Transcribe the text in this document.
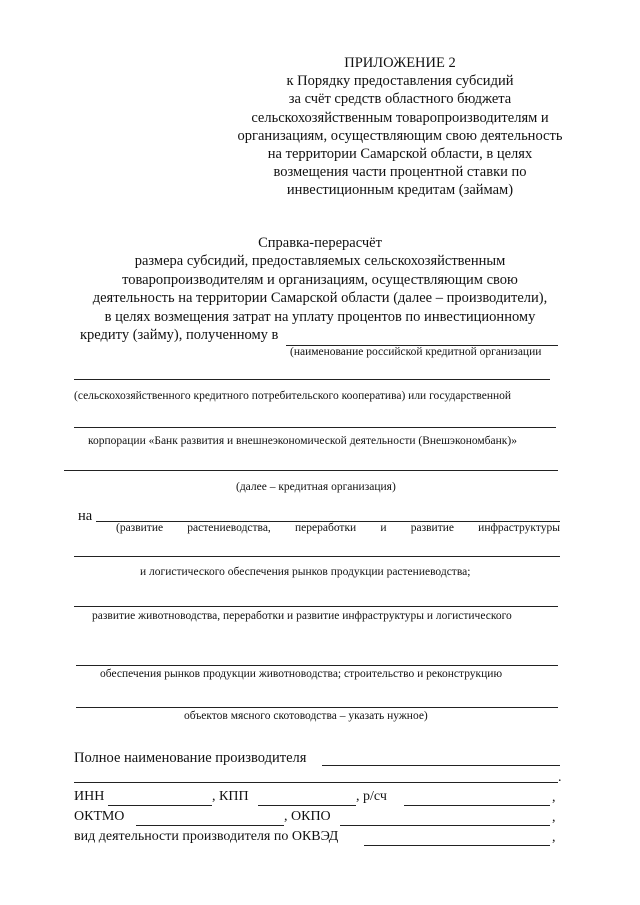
ПРИЛОЖЕНИЕ 2
к Порядку предоставления субсидий
за счёт средств областного бюджета
сельскохозяйственным товаропроизводителям и
организациям, осуществляющим свою деятельность
на территории Самарской области, в целях
возмещения части процентной ставки по
инвестиционным кредитам (займам)
Справка-перерасчёт
размера субсидий, предоставляемых сельскохозяйственным
товаропроизводителям и организациям, осуществляющим свою
деятельность на территории Самарской области (далее – производители),
в целях возмещения затрат на уплату процентов по инвестиционному
кредиту (займу), полученному в
(наименование российской кредитной организации
(сельскохозяйственного кредитного потребительского кооператива) или государственной
корпорации «Банк развития и внешнеэкономической деятельности (Внешэкономбанк)»
(далее – кредитная организация)
на
(развитие растениеводства, переработки и развитие инфраструктуры
и логистического обеспечения рынков продукции растениеводства;
развитие животноводства, переработки и развитие инфраструктуры и логистического
обеспечения рынков продукции животноводства; строительство и реконструкцию
объектов мясного скотоводства – указать нужное)
Полное наименование производителя
.
ИНН	, КПП	, р/сч	,
ОКТМО	, ОКПО	,
вид деятельности производителя по ОКВЭД	,
